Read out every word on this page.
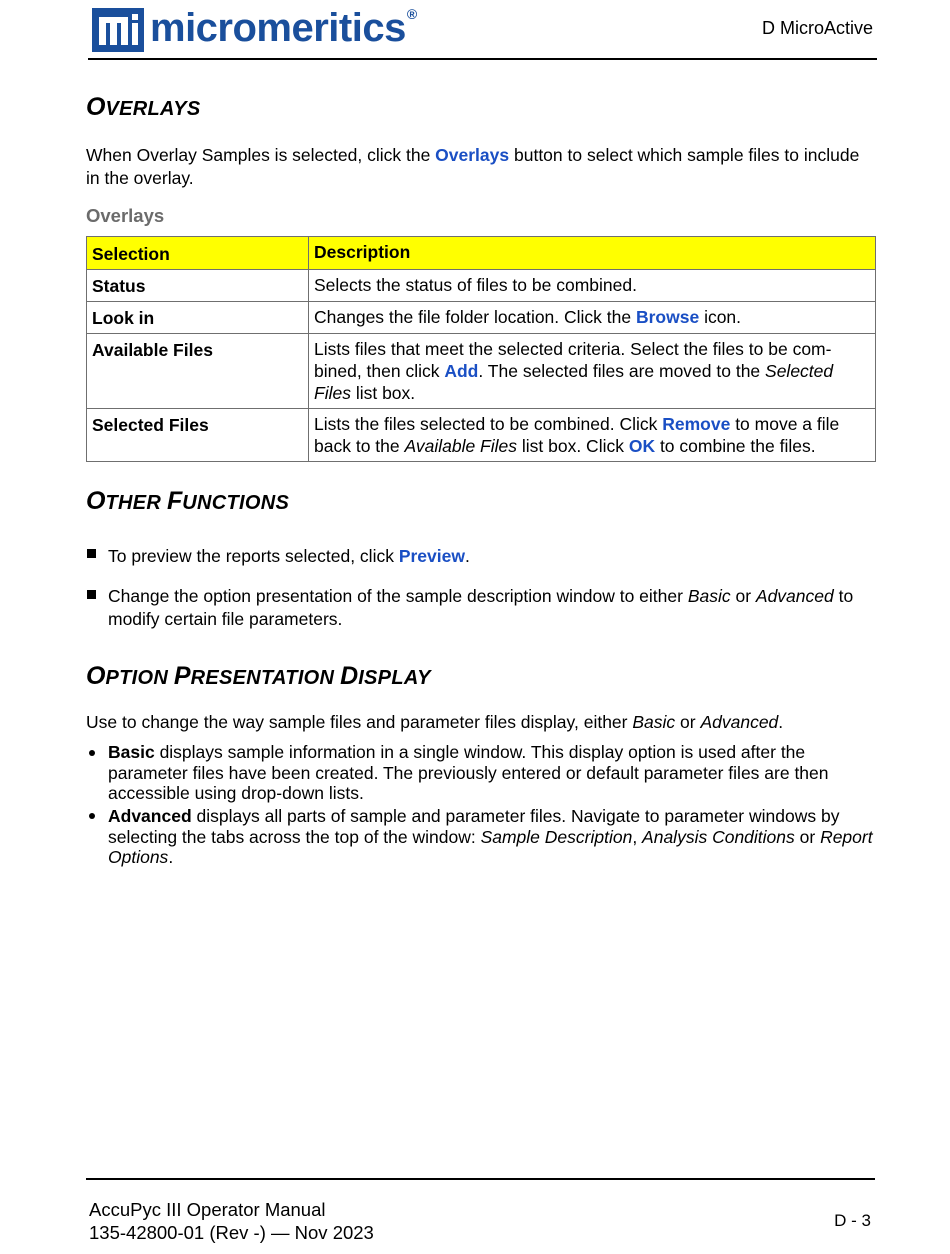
micromeritics®
D MicroActive
OVERLAYS

When Overlay Samples is selected, click the Overlays button to select which sample files to include in the overlay.

Overlays
Selection	Description
Status	Selects the status of files to be combined.
Look in	Changes the file folder location. Click the Browse icon.
Available Files	Lists files that meet the selected criteria. Select the files to be com-bined, then click Add. The selected files are moved to the Selected Files list box.
Selected Files	Lists the files selected to be combined. Click Remove to move a file back to the Available Files list box. Click OK to combine the files.
OTHER FUNCTIONS

To preview the reports selected, click Preview.

Change the option presentation of the sample description window to either Basic or Advanced to modify certain file parameters.

OPTION PRESENTATION DISPLAY

Use to change the way sample files and parameter files display, either Basic or Advanced.

Basic displays sample information in a single window. This display option is used after the parameter files have been created. The previously entered or default parameter files are then accessible using drop-down lists.

Advanced displays all parts of sample and parameter files. Navigate to parameter windows by selecting the tabs across the top of the window: Sample Description, Analysis Conditions or Report Options.

AccuPyc III Operator Manual
135-42800-01 (Rev -) — Nov 2023
D - 3
